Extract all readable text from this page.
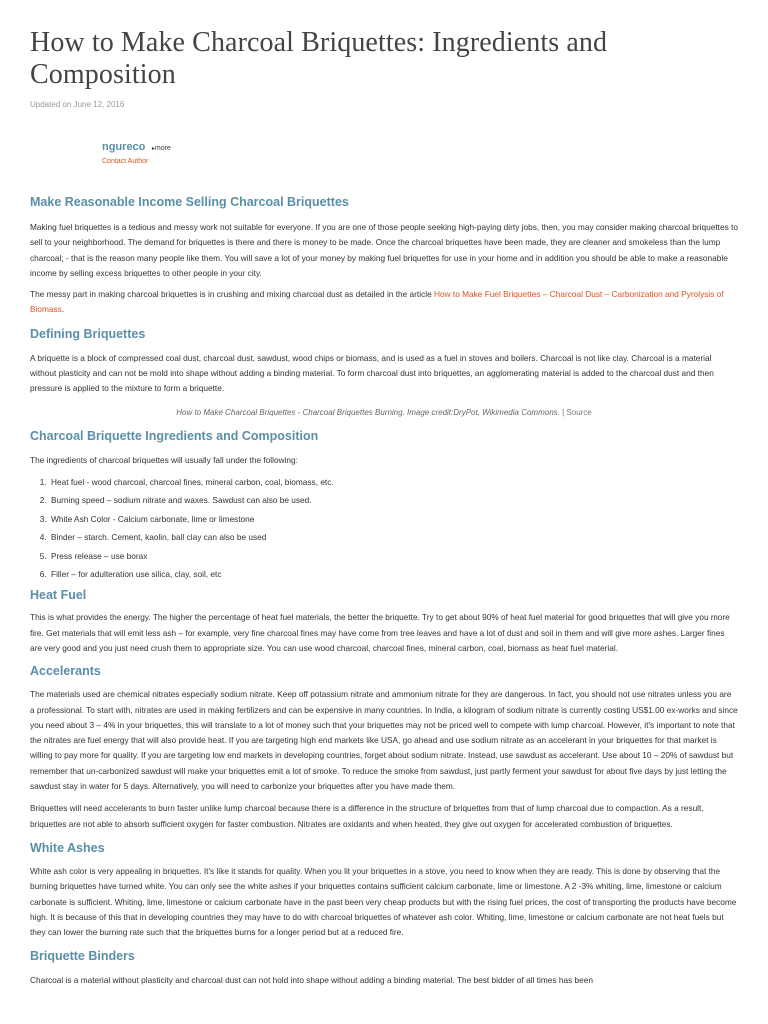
How to Make Charcoal Briquettes: Ingredients and Composition
Updated on June 12, 2016
ngureco ▸more
Contact Author
Make Reasonable Income Selling Charcoal Briquettes

Making fuel briquettes is a tedious and messy work not suitable for everyone. If you are one of those people seeking high-paying dirty jobs, then, you may consider making charcoal briquettes to sell to your neighborhood. The demand for briquettes is there and there is money to be made. Once the charcoal briquettes have been made, they are cleaner and smokeless than the lump charcoal; - that is the reason many people like them. You will save a lot of your money by making fuel briquettes for use in your home and in addition you should be able to make a reasonable income by selling excess briquettes to other people in your city.

The messy part in making charcoal briquettes is in crushing and mixing charcoal dust as detailed in the article How to Make Fuel Briquettes – Charcoal Dust – Carbonization and Pyrolysis of Biomass.

Defining Briquettes

A briquette is a block of compressed coal dust, charcoal dust, sawdust, wood chips or biomass, and is used as a fuel in stoves and boilers. Charcoal is not like clay. Charcoal is a material without plasticity and can not be mold into shape without adding a binding material. To form charcoal dust into briquettes, an agglomerating material is added to the charcoal dust and then pressure is applied to the mixture to form a briquette.

How to Make Charcoal Briquettes - Charcoal Briquettes Burning. Image credit:DryPot, Wikimedia Commons. | Source
Charcoal Briquette Ingredients and Composition

The ingredients of charcoal briquettes will usually fall under the following:

1. Heat fuel - wood charcoal, charcoal fines, mineral carbon, coal, biomass, etc.
2. Burning speed – sodium nitrate and waxes. Sawdust can also be used.
3. White Ash Color - Calcium carbonate, lime or limestone
4. Binder – starch. Cement, kaolin, ball clay can also be used
5. Press release – use borax
6. Filler – for adulteration use silica, clay, soil, etc
Heat Fuel

This is what provides the energy. The higher the percentage of heat fuel materials, the better the briquette. Try to get about 90% of heat fuel material for good briquettes that will give you more fire. Get materials that will emit less ash – for example, very fine charcoal fines may have come from tree leaves and have a lot of dust and soil in them and will give more ashes. Larger fines are very good and you just need crush them to appropriate size. You can use wood charcoal, charcoal fines, mineral carbon, coal, biomass as heat fuel material.

Accelerants

The materials used are chemical nitrates especially sodium nitrate. Keep off potassium nitrate and ammonium nitrate for they are dangerous. In fact, you should not use nitrates unless you are a professional. To start with, nitrates are used in making fertilizers and can be expensive in many countries. In India, a kilogram of sodium nitrate is currently costing US$1.00 ex-works and since you need about 3 – 4% in your briquettes, this will translate to a lot of money such that your briquettes may not be priced well to compete with lump charcoal. However, it's important to note that the nitrates are fuel energy that will also provide heat. If you are targeting high end markets like USA, go ahead and use sodium nitrate as an accelerant in your briquettes for that market is willing to pay more for quality. If you are targeting low end markets in developing countries, forget about sodium nitrate. Instead, use sawdust as accelerant. Use about 10 – 20% of sawdust but remember that un-carbonized sawdust will make your briquettes emit a lot of smoke. To reduce the smoke from sawdust, just partly ferment your sawdust for about five days by just letting the sawdust stay in water for 5 days. Alternatively, you will need to carbonize your briquettes after you have made them.

Briquettes will need accelerants to burn faster unlike lump charcoal because there is a difference in the structure of briquettes from that of lump charcoal due to compaction. As a result, briquettes are not able to absorb sufficient oxygen for faster combustion. Nitrates are oxidants and when heated, they give out oxygen for accelerated combustion of briquettes.

White Ashes

White ash color is very appealing in briquettes. It's like it stands for quality. When you lit your briquettes in a stove, you need to know when they are ready. This is done by observing that the burning briquettes have turned white. You can only see the white ashes if your briquettes contains sufficient calcium carbonate, lime or limestone. A 2 -3% whiting, lime, limestone or calcium carbonate is sufficient. Whiting, lime, limestone or calcium carbonate have in the past been very cheap products but with the rising fuel prices, the cost of transporting the products have become high. It is because of this that in developing countries they may have to do with charcoal briquettes of whatever ash color. Whiting, lime, limestone or calcium carbonate are not heat fuels but they can lower the burning rate such that the briquettes burns for a longer period but at a reduced fire.

Briquette Binders

Charcoal is a material without plasticity and charcoal dust can not hold into shape without adding a binding material. The best bidder of all times has been
